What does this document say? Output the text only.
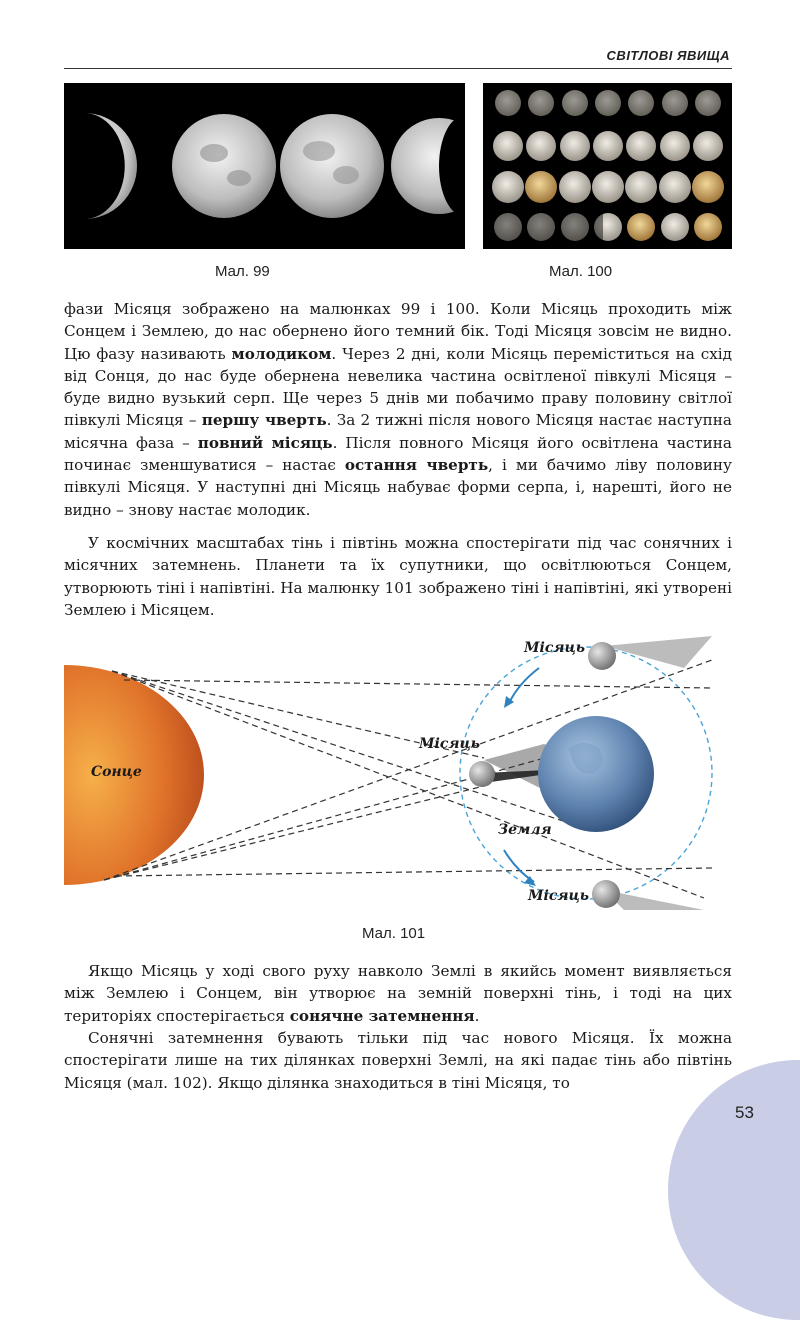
СВІТЛОВІ ЯВИЩА
Мал. 99	Мал. 100

фази Місяця зображено на малюнках 99 і 100. Коли Місяць проходить між Сонцем і Землею, до нас обернено його темний бік. Тоді Місяця зовсім не видно. Цю фазу називають молодиком. Через 2 дні, коли Місяць переміститься на схід від Сонця, до нас буде обернена невелика частина освітленої півкулі Місяця – буде видно вузький серп. Ще через 5 днів ми побачимо праву половину світлої півкулі Місяця – першу чверть. За 2 тижні після нового Місяця настає наступна місячна фаза – повний місяць. Після повного Місяця його освітлена частина починає зменшуватися – настає остання чверть, і ми бачимо ліву половину півкулі Місяця. У наступні дні Місяць набуває форми серпа, і, нарешті, його не видно – знову настає молодик.

У космічних масштабах тінь і півтінь можна спостерігати під час сонячних і місячних затемнень. Планети та їх супутники, що освітлюються Сонцем, утворюють тіні і напівтіні. На малюнку 101 зображено тіні і напівтіні, які утворені Землею і Місяцем.

Сонце
Місяць
Місяць
Земля
Місяць
Мал. 101

Якщо Місяць у ході свого руху навколо Землі в якийсь момент виявляється між Землею і Сонцем, він утворює на земній поверхні тінь, і тоді на цих територіях спостерігається сонячне затемнення.

Сонячні затемнення бувають тільки під час нового Місяця. Їх можна спостерігати лише на тих ділянках поверхні Землі, на які падає тінь або півтінь Місяця (мал. 102). Якщо ділянка знаходиться в тіні Місяця, то

53
